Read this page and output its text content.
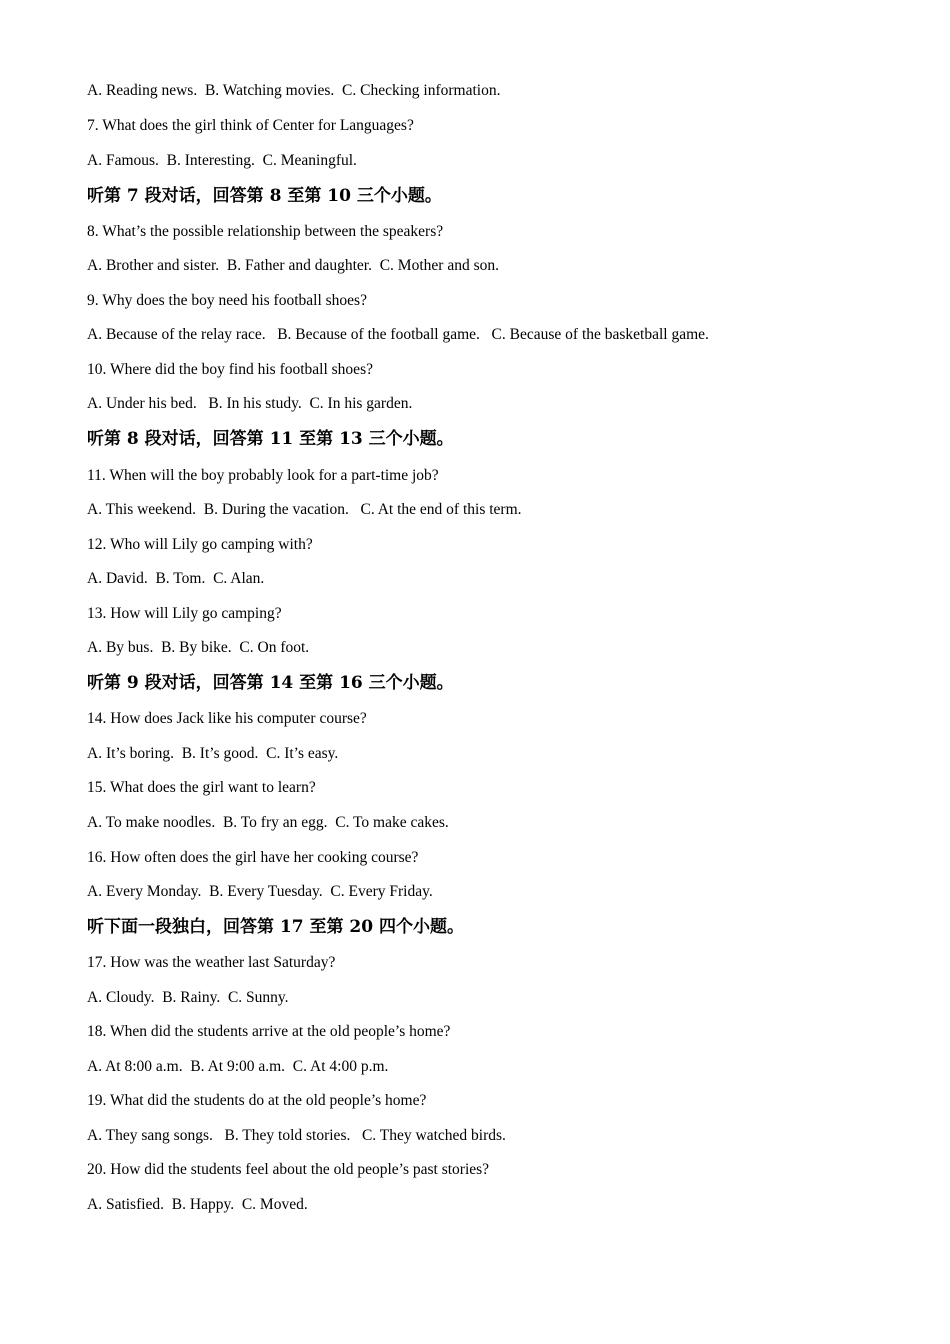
A. Reading news.  B. Watching movies.  C. Checking information.
7. What does the girl think of Center for Languages?
A. Famous.  B. Interesting.  C. Meaningful.
听第 7 段对话，回答第 8 至第 10 三个小题。
8. What’s the possible relationship between the speakers?
A. Brother and sister.  B. Father and daughter.  C. Mother and son.
9. Why does the boy need his football shoes?
A. Because of the relay race.   B. Because of the football game.   C. Because of the basketball game.
10. Where did the boy find his football shoes?
A. Under his bed.   B. In his study.  C. In his garden.
听第 8 段对话，回答第 11 至第 13 三个小题。
11. When will the boy probably look for a part-time job?
A. This weekend.  B. During the vacation.   C. At the end of this term.
12. Who will Lily go camping with?
A. David.  B. Tom.  C. Alan.
13. How will Lily go camping?
A. By bus.  B. By bike.  C. On foot.
听第 9 段对话，回答第 14 至第 16 三个小题。
14. How does Jack like his computer course?
A. It’s boring.  B. It’s good.  C. It’s easy.
15. What does the girl want to learn?
A. To make noodles.  B. To fry an egg.  C. To make cakes.
16. How often does the girl have her cooking course?
A. Every Monday.  B. Every Tuesday.  C. Every Friday.
听下面一段独白，回答第 17 至第 20 四个小题。
17. How was the weather last Saturday?
A. Cloudy.  B. Rainy.  C. Sunny.
18. When did the students arrive at the old people’s home?
A. At 8:00 a.m.  B. At 9:00 a.m.  C. At 4:00 p.m.
19. What did the students do at the old people’s home?
A. They sang songs.   B. They told stories.   C. They watched birds.
20. How did the students feel about the old people’s past stories?
A. Satisfied.  B. Happy.  C. Moved.
